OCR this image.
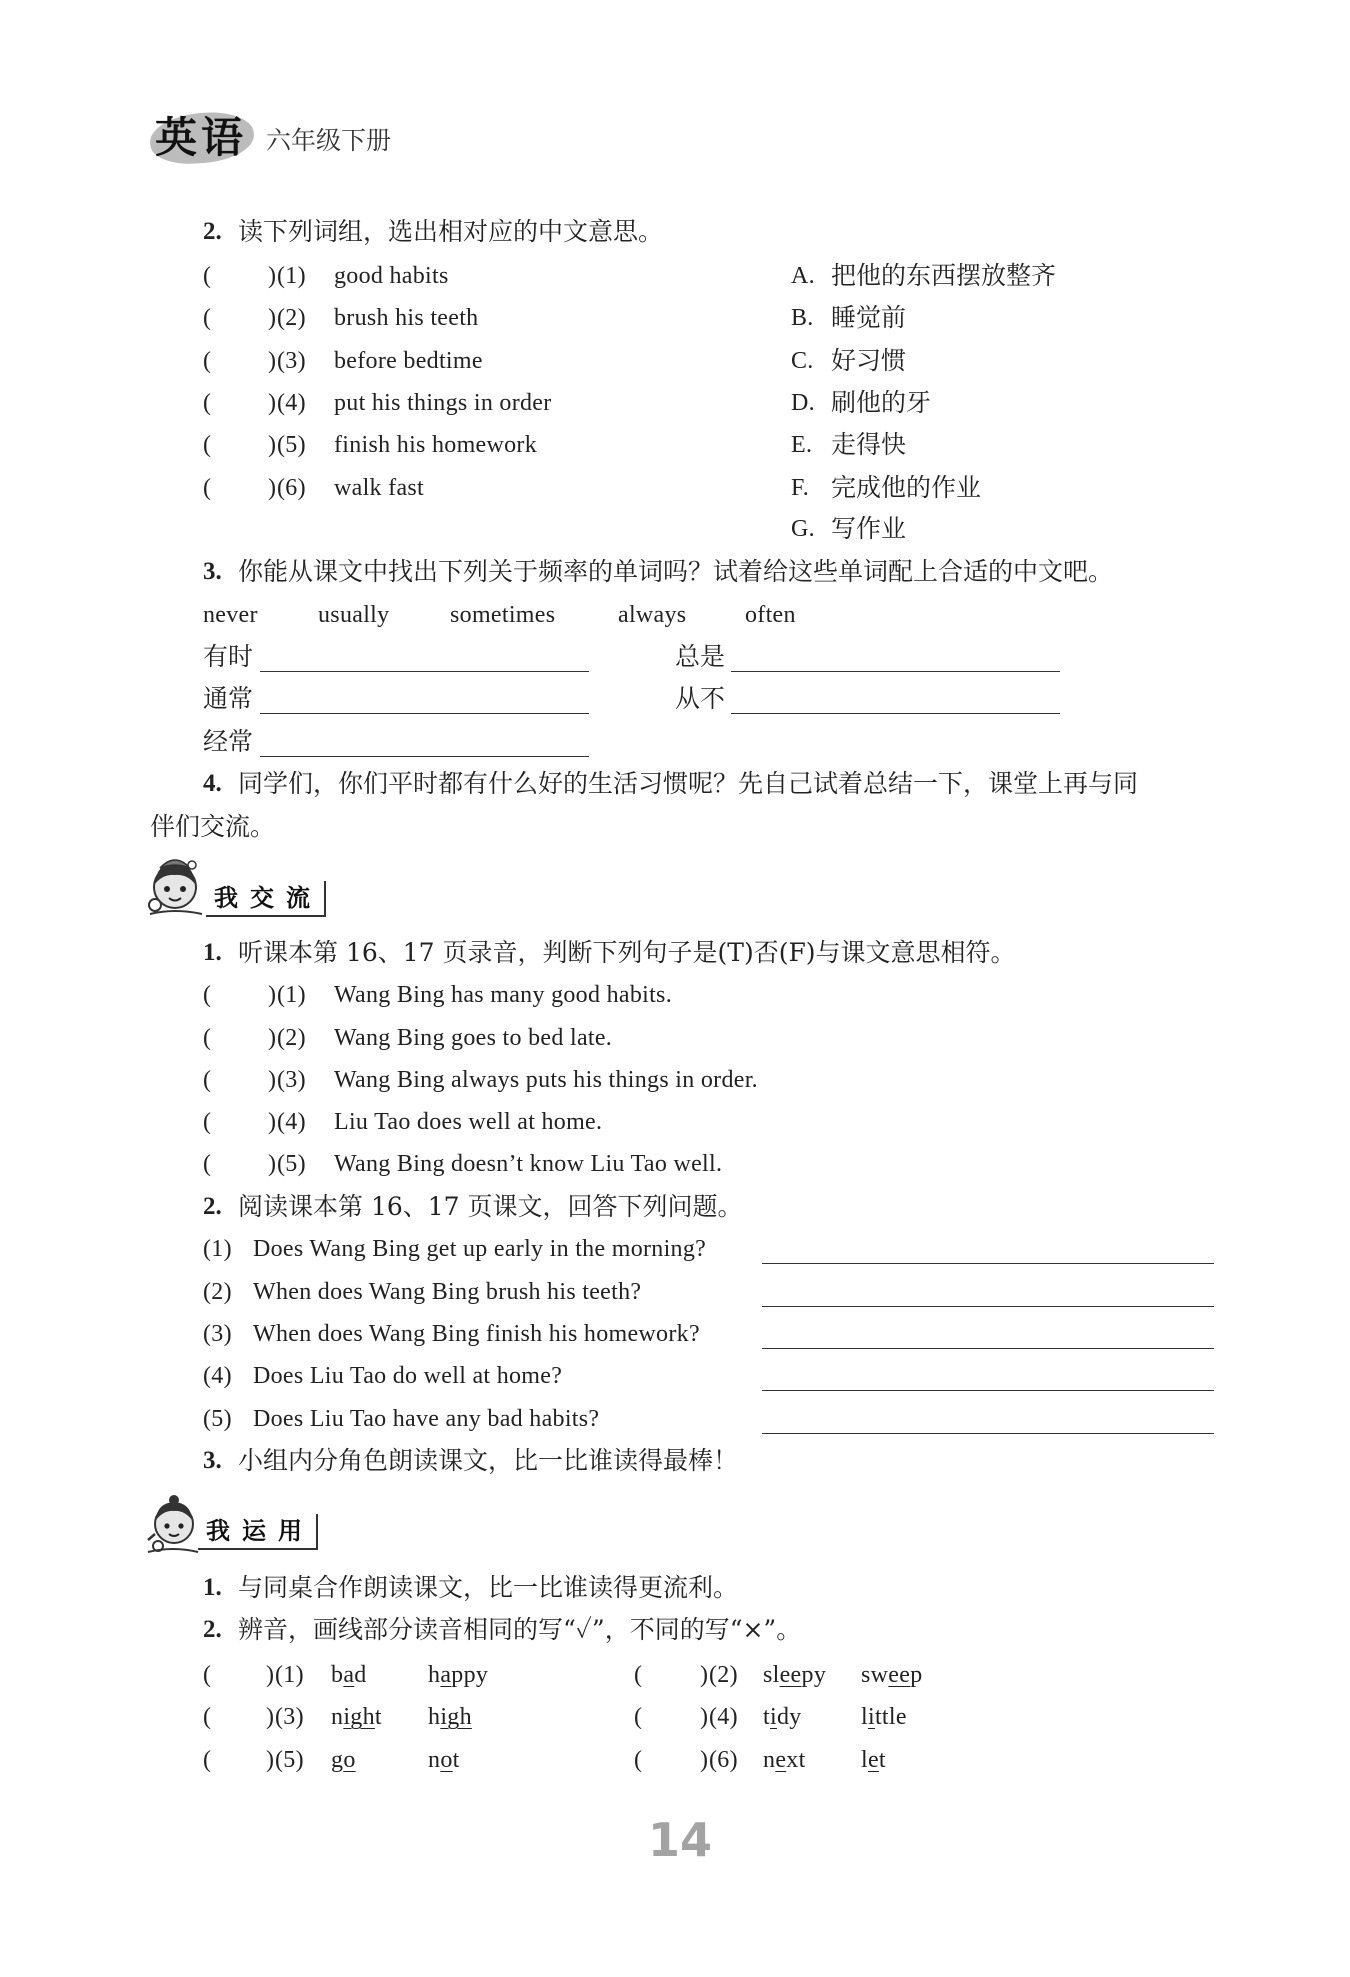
英语 六年级下册
2. 读下列词组，选出相对应的中文意思。
( ) (1) good habits	A. 把他的东西摆放整齐
( ) (2) brush his teeth	B. 睡觉前
( ) (3) before bedtime	C. 好习惯
( ) (4) put his things in order	D. 刷他的牙
( ) (5) finish his homework	E. 走得快
( ) (6) walk fast	F. 完成他的作业
G. 写作业
3. 你能从课文中找出下列关于频率的单词吗？试着给这些单词配上合适的中文吧。
never	usually	sometimes	always often
有时	总是
通常	从不
经常
4. 同学们，你们平时都有什么好的生活习惯呢？先自己试着总结一下，课堂上再与同
伴们交流。
我交流
1. 听课本第 16、17 页录音，判断下列句子是(T)否(F)与课文意思相符。
( ) (1) Wang Bing has many good habits.
( ) (2) Wang Bing goes to bed late.
( ) (3) Wang Bing always puts his things in order.
( ) (4) Liu Tao does well at home.
( ) (5) Wang Bing doesn’t know Liu Tao well.
2. 阅读课本第 16、17 页课文，回答下列问题。
(1) Does Wang Bing get up early in the morning?
(2) When does Wang Bing brush his teeth?
(3) When does Wang Bing finish his homework?
(4) Does Liu Tao do well at home?
(5) Does Liu Tao have any bad habits?
3. 小组内分角色朗读课文，比一比谁读得最棒！
我运用
1. 与同桌合作朗读课文，比一比谁读得更流利。
2. 辨音，画线部分读音相同的写“✓”，不同的写“×”。
( ) (1) bad	happy	( ) (2) sleepy sweep
( ) (3) night high	( ) (4) tidy little
( ) (5) go	not	( ) (6) next let
14
